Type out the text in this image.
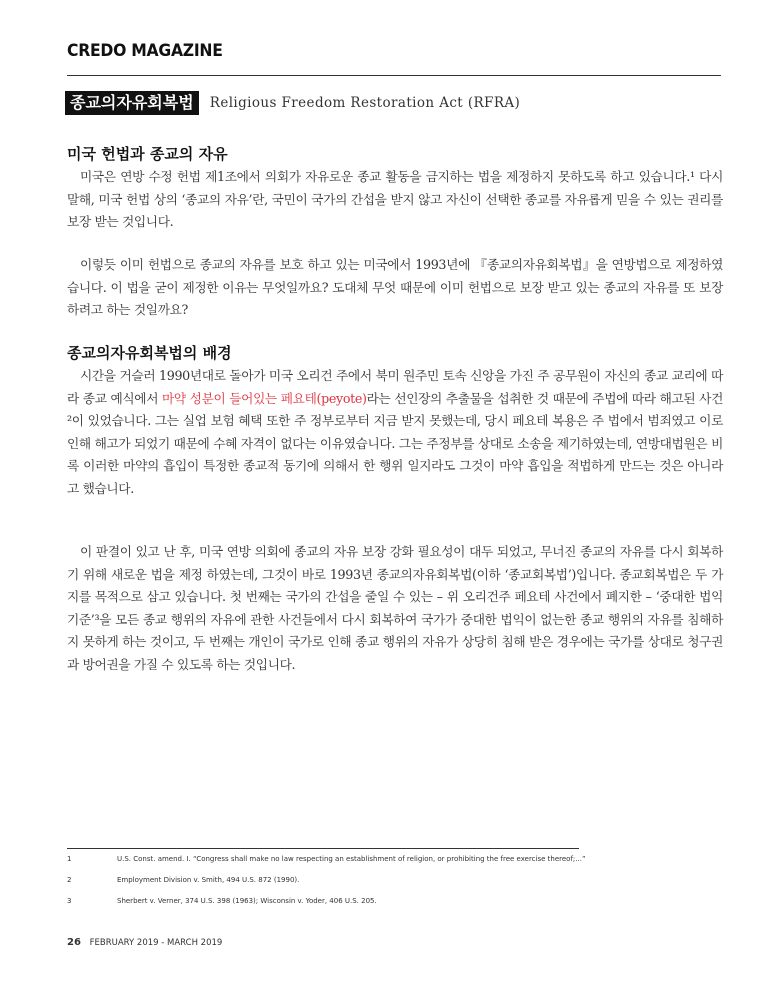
CREDO MAGAZINE
종교의자유회복법 Religious Freedom Restoration Act (RFRA)
미국 헌법과 종교의 자유

미국은 연방 수정 헌법 제1조에서 의회가 자유로운 종교 활동을 금지하는 법을 제정하지 못하도록 하고 있습니다.¹ 다시 말해, 미국 헌법 상의 ‘종교의 자유’란, 국민이 국가의 간섭을 받지 않고 자신이 선택한 종교를 자유롭게 믿을 수 있는 권리를 보장 받는 것입니다.

이렇듯 이미 헌법으로 종교의 자유를 보호 하고 있는 미국에서 1993년에 『종교의자유회복법』을 연방법으로 제정하였습니다. 이 법을 굳이 제정한 이유는 무엇일까요? 도대체 무엇 때문에 이미 헌법으로 보장 받고 있는 종교의 자유를 또 보장하려고 하는 것일까요?

종교의자유회복법의 배경

시간을 거슬러 1990년대로 돌아가 미국 오리건 주에서 북미 원주민 토속 신앙을 가진 주 공무원이 자신의 종교 교리에 따라 종교 예식에서 마약 성분이 들어있는 페요테(peyote)라는 선인장의 추출물을 섭취한 것 때문에 주법에 따라 해고된 사건²이 있었습니다. 그는 실업 보험 혜택 또한 주 정부로부터 지금 받지 못했는데, 당시 페요테 복용은 주 법에서 범죄였고 이로 인해 해고가 되었기 때문에 수혜 자격이 없다는 이유였습니다. 그는 주정부를 상대로 소송을 제기하였는데, 연방대법원은 비록 이러한 마약의 흡입이 특정한 종교적 동기에 의해서 한 행위 일지라도 그것이 마약 흡입을 적법하게 만드는 것은 아니라고 했습니다.

이 판결이 있고 난 후, 미국 연방 의회에 종교의 자유 보장 강화 필요성이 대두 되었고, 무너진 종교의 자유를 다시 회복하기 위해 새로운 법을 제정 하였는데, 그것이 바로 1993년 종교의자유회복법(이하 ‘종교회복법’)입니다. 종교회복법은 두 가지를 목적으로 삼고 있습니다. 첫 번째는 국가의 간섭을 줄일 수 있는 – 위 오리건주 페요테 사건에서 폐지한 – ‘중대한 법익 기준’³을 모든 종교 행위의 자유에 관한 사건들에서 다시 회복하여 국가가 중대한 법익이 없는한 종교 행위의 자유를 침해하지 못하게 하는 것이고, 두 번째는 개인이 국가로 인해 종교 행위의 자유가 상당히 침해 받은 경우에는 국가를 상대로 청구권과 방어권을 가질 수 있도록 하는 것입니다.

1	U.S. Const. amend. I. “Congress shall make no law respecting an establishment of religion, or prohibiting the free exercise thereof;...”
2	Employment Division v. Smith, 494 U.S. 872 (1990).
3	Sherbert v. Verner, 374 U.S. 398 (1963); Wisconsin v. Yoder, 406 U.S. 205.
26 FEBRUARY 2019 - MARCH 2019
